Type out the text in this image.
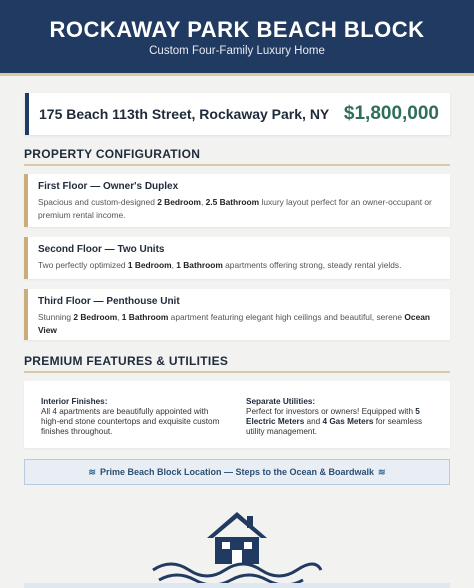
ROCKAWAY PARK BEACH BLOCK
Custom Four-Family Luxury Home
175 Beach 113th Street, Rockaway Park, NY $1,800,000
PROPERTY CONFIGURATION
First Floor — Owner's Duplex
Spacious and custom-designed 2 Bedroom, 2.5 Bathroom luxury layout perfect for an owner-occupant or premium rental income.
Second Floor — Two Units
Two perfectly optimized 1 Bedroom, 1 Bathroom apartments offering strong, steady rental yields.
Third Floor — Penthouse Unit
Stunning 2 Bedroom, 1 Bathroom apartment featuring elegant high ceilings and beautiful, serene Ocean View
PREMIUM FEATURES & UTILITIES
Interior Finishes:
All 4 apartments are beautifully appointed with high-end stone countertops and exquisite custom finishes throughout.
Separate Utilities:
Perfect for investors or owners! Equipped with 5 Electric Meters and 4 Gas Meters for seamless utility management.
≋ Prime Beach Block Location — Steps to the Ocean & Boardwalk ≋
